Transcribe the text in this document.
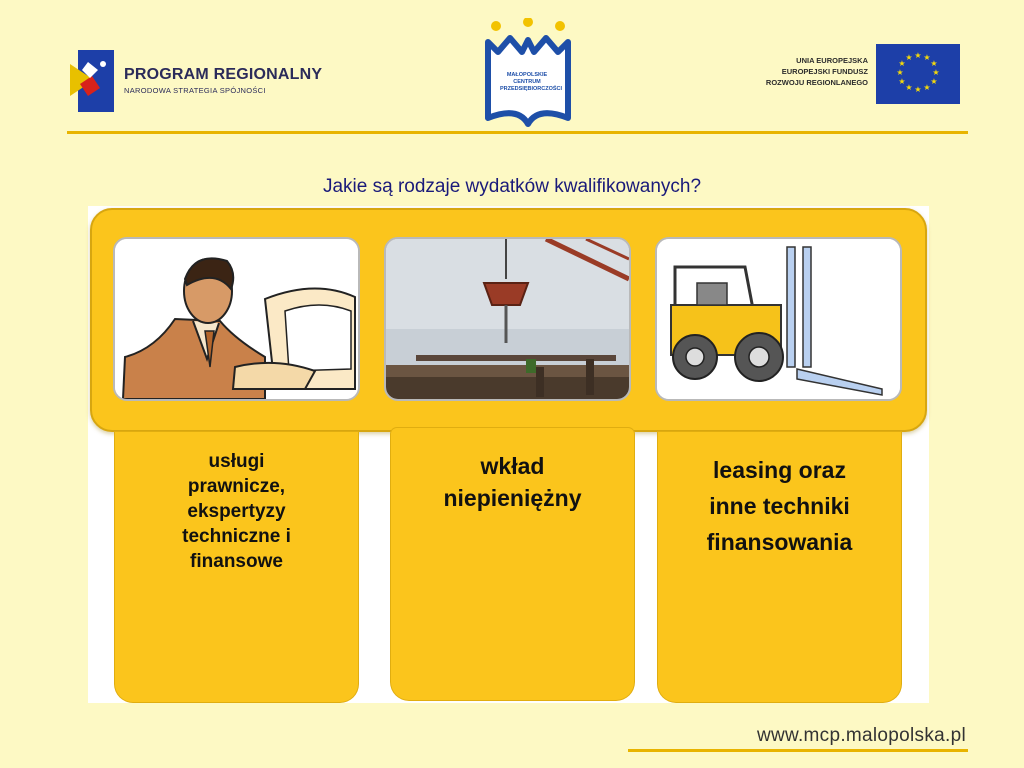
PROGRAM REGIONALNY
NARODOWA STRATEGIA SPÓJNOŚCI
MAŁOPOLSKIE
CENTRUM
PRZEDSIĘBIORCZOŚCI
UNIA EUROPEJSKA
EUROPEJSKI FUNDUSZ
ROZWOJU REGIONLANEGO
★ ★
★
★
★
★
★
★
★
★
★
★
Jakie są rodzaje wydatków kwalifikowanych?
usługi
prawnicze,
ekspertyzy
techniczne i
finansowe
wkład
niepieniężny
leasing oraz
inne techniki
finansowania
www.mcp.malopolska.pl
